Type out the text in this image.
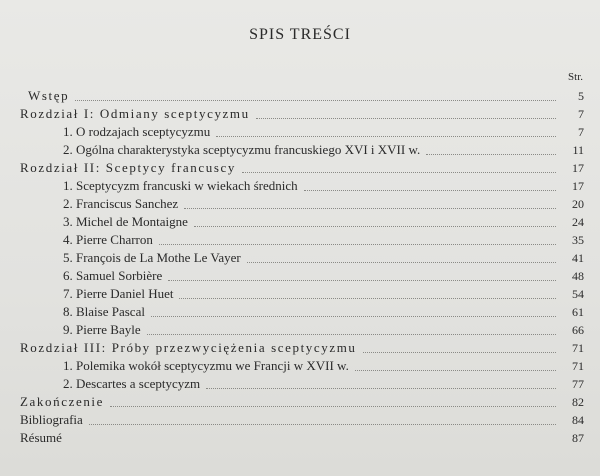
SPIS TREŚCI
Str.
Wstęp	5
Rozdział I: Odmiany sceptycyzmu	7
1. O rodzajach sceptycyzmu	7
2. Ogólna charakterystyka sceptycyzmu francuskiego XVI i XVII w.	11
Rozdział II: Sceptycy francuscy	17
1. Sceptycyzm francuski w wiekach średnich	17
2. Franciscus Sanchez	20
3. Michel de Montaigne	24
4. Pierre Charron	35
5. François de La Mothe Le Vayer	41
6. Samuel Sorbière	48
7. Pierre Daniel Huet	54
8. Blaise Pascal	61
9. Pierre Bayle	66
Rozdział III: Próby przezwyciężenia sceptycyzmu	71
1. Polemika wokół sceptycyzmu we Francji w XVII w.	71
2. Descartes a sceptycyzm	77
Zakończenie	82
Bibliografia	84
Résumé	87
